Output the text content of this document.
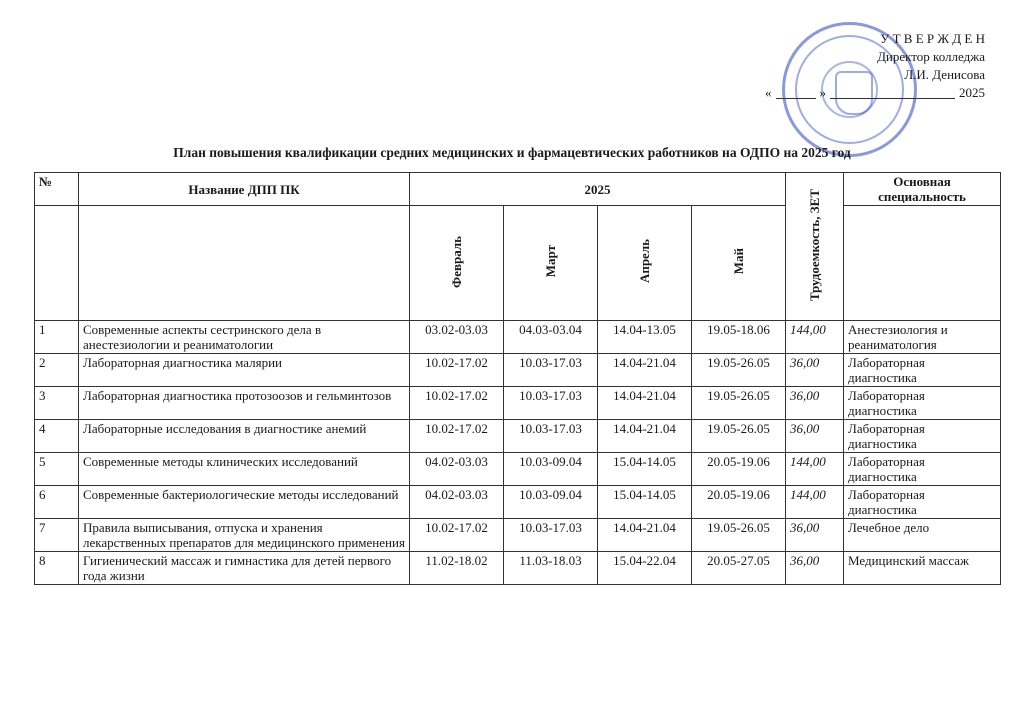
У Т В Е Р Ж Д Е Н
Директор колледжа
Л.И. Денисова
«	»	2025
План повышения квалификации средних медицинских и фармацевтических работников на ОДПО на 2025 год
№	Название ДПП ПК	2025				Трудоемкость, ЗЕТ	Основная специальность
		Февраль	Март	Апрель	Май		
1	Современные аспекты сестринского дела в анестезиологии и реаниматологии	03.02-03.03	04.03-03.04	14.04-13.05	19.05-18.06	144,00	Анестезиология и реаниматология
2	Лабораторная диагностика малярии	10.02-17.02	10.03-17.03	14.04-21.04	19.05-26.05	36,00	Лабораторная диагностика
3	Лабораторная диагностика протозоозов и гельминтозов	10.02-17.02	10.03-17.03	14.04-21.04	19.05-26.05	36,00	Лабораторная диагностика
4	Лабораторные исследования в диагностике анемий	10.02-17.02	10.03-17.03	14.04-21.04	19.05-26.05	36,00	Лабораторная диагностика
5	Современные методы клинических исследований	04.02-03.03	10.03-09.04	15.04-14.05	20.05-19.06	144,00	Лабораторная диагностика
6	Современные бактериологические методы исследований	04.02-03.03	10.03-09.04	15.04-14.05	20.05-19.06	144,00	Лабораторная диагностика
7	Правила выписывания, отпуска и хранения лекарственных препаратов для медицинского применения	10.02-17.02	10.03-17.03	14.04-21.04	19.05-26.05	36,00	Лечебное дело
8	Гигиенический массаж и гимнастика для детей первого года жизни	11.02-18.02	11.03-18.03	15.04-22.04	20.05-27.05	36,00	Медицинский массаж
